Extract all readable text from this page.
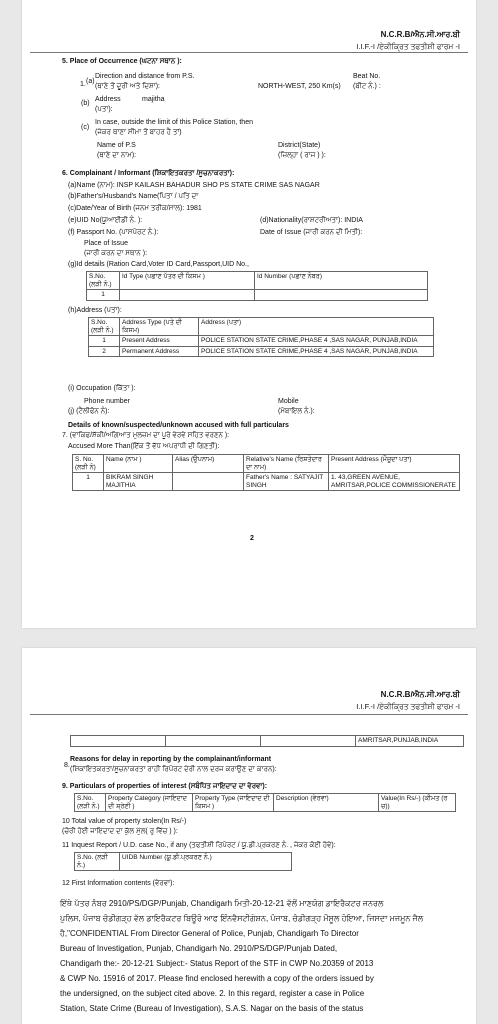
N.C.R.B/ਐਨ.ਸੀ.ਆਰ.ਬੀ
I.I.F.-I /ਏਕੀਕ੍ਰਿਤ ਤਫਤੀਸ਼ੀ ਫਾਰਮ -I
5. Place of Occurrence (ਘਟਨਾ ਸਥਾਨ ):
1. (a)
Direction and distance from P.S.
(ਥਾਣੇ ਤੋਂ ਦੂਰੀ ਅਤੇ ਦਿਸ਼ਾ):	NORTH-WEST, 250 Km(s)
Beat No.
(ਬੀਟ ਨੰ.) :
(b)
Address
(ਪਤਾ):
majitha
(c)
In case, outside the limit of this Police Station, then
(ਜੇਕਰ ਥਾਣਾ ਸੀਮਾ ਤੋਂ ਬਾਹਰ ਹੈ ਤਾਂ)
Name of P.S
(ਥਾਣੇ ਦਾ ਨਾਮ):
District(State)
(ਜ਼ਿਲ੍ਹਾ ( ਰਾਜ ) ):
6. Complainant / Informant (ਸ਼ਿਕਾਇਤਕਰਤਾ /ਸੂਚਨਾਕਰਤਾ):
(a)Name (ਨਾਮ): INSP KAILASH BAHADUR SHO PS STATE CRIME SAS NAGAR
(b)Father's/Husband's Name(ਪਿਤਾ / ਪਤਿ ਦਾ
(c)Date/Year of Birth (ਜਨਮ ਤਰੀਕ/ਸਾਲ): 1981
(e)UID No(ਯੂਆਈਡੀ ਨੰ. ):	(d)Nationality(ਰਾਸ਼ਟਰੀਅਤਾ): INDIA
(f) Passport No. (ਪਾਸਪੋਰਟ ਨੰ.):	Date of Issue (ਜਾਰੀ ਕਰਨ ਦੀ ਮਿਤੀ):
Place of Issue
(ਜਾਰੀ ਕਰਨ ਦਾ ਸਥਾਨ ):
(g)Id details (Ration Card,Voter ID Card,Passport,UID No.,
S.No. (ਲੜੀ ਨੰ.)	Id Type (ਪਛਾਣ ਪੱਤਰ ਦੀ ਕਿਸਮ )	Id Number (ਪਛਾਣ ਨੰਬਰ)
1		
(h)Address (ਪਤਾ):
S.No. (ਲੜੀ ਨੰ.)	Address Type (ਪਤੇ ਦੀ ਕਿਸਮ)	Address (ਪਤਾ)
1	Present Address	POLICE STATION STATE CRIME,PHASE 4 ,SAS NAGAR, PUNJAB,INDIA
2	Permanent Address	POLICE STATION STATE CRIME,PHASE 4 ,SAS NAGAR, PUNJAB,INDIA
(i) Occupation (ਕਿੱਤਾ ):
Phone number
(j) (ਟੈਲੀਫੋਨ ਨੰ):
Mobile
(ਮੋਬਾਇਲ ਨੰ.):
Details of known/suspected/unknown accused with full particulars
7. (ਵਾਕਿਫ/ਸ਼ੱਕੀ/ਅਗਿਆਤ ਮੁਲਜ਼ਮ ਦਾ ਪੂਰੇ ਵੇਰਵੇ ਸਹਿਤ ਵਰਣਨ ):
Accused More Than(ਇੱਕ ਤੋਂ ਵੱਧ ਅਪਰਾਧੀ ਦੀ ਗਿਣਤੀ):
S. No. (ਲੜੀ ਨੰ)	Name (ਨਾਮ )	Alias (ਉਪਨਾਮ)	Relative's Name (ਰਿਸ਼ਤੇਦਾਰ ਦਾ ਨਾਮ)	Present Address (ਮੌਜੂਦਾ ਪਤਾ)
1	BIKRAM SINGH MAJITHIA		Father's Name : SATYAJIT SINGH	1. 43,GREEN AVENUE, AMRITSAR,POLICE COMMISSIONERATE
2
N.C.R.B/ਐਨ.ਸੀ.ਆਰ.ਬੀ
I.I.F.-I /ਏਕੀਕ੍ਰਿਤ ਤਫਤੀਸ਼ੀ ਫਾਰਮ -I
			AMRITSAR,PUNJAB,INDIA
8.
Reasons for delay in reporting by the complainant/informant
(ਸ਼ਿਕਾਇਤਕਰਤਾ/ਸੂਚਨਾਕਰਤਾ ਰਾਹੀਂ ਰਿਪੋਰਟ ਦੇਰੀ ਨਾਲ ਦਰਜ ਕਰਾਉਣ ਦਾ ਕਾਰਨ):
9. Particulars of properties of interest (ਸਬੰਧਿਤ ਜਾਇਦਾਦ ਦਾ ਵੇਰਵਾ):
S.No. (ਲੜੀ ਨੰ.)	Property Category (ਜਾਇਦਾਦ ਦੀ ਸ਼੍ਰੇਣੀ )	Property Type (ਜਾਇਦਾਦ ਦੀ ਕਿਸਮ )	Description (ਵੇਰਵਾ)	Value(In Rs/-) (ਕੀਮਤ (ਰ ਚ))
10 Total value of property stolen(In Rs/-)
(ਚੋਰੀ ਹੋਈ ਜਾਇਦਾਦ ਦਾ ਕੁੱਲ ਮੁੱਲ( ਰੁ ਵਿੱਚ ) ):
11 Inquest Report / U.D. case No., if any (ਤਫਤੀਸ਼ੀ ਰਿਪੋਰਟ / ਯੂ.ਡੀ.ਪ੍ਰਕਰਣ ਨੰ. , ਜੇਕਰ ਕੋਈ ਹੋਵੇ):
S.No. (ਲੜੀ ਨੰ.)	UIDB Number (ਯੂ.ਡੀ.ਪ੍ਰਕਰਣ ਨੰ.)
12 First Information contents (ਵੇਰਵਾ):
ਇੱਥੇ ਪੱਤਰ ਨੰਬਰ 2910/PS/DGP/Punjab, Chandigarh ਮਿਤੀ-20-12-21 ਵੱਲੋਂ ਮਾਣਯੋਗ ਡਾਇਰੈਕਟਰ ਜਨਰਲ
ਪੁਲਿਸ, ਪੰਜਾਬ ਚੰਡੀਗੜ੍ਹ ਵੱਲ ਡਾਇਰੈਕਟਰ ਬਿਊਰੋ ਆਫ ਇੰਨਵੈਸਟੀਗੇਸ਼ਨ, ਪੰਜਾਬ, ਚੰਡੀਗੜ੍ਹ ਮੌਸੂਲ ਹੋਇਆ, ਜਿਸਦਾ ਮਜਮੂਨ ਜੈਲ
ਹੈ,"CONFIDENTIAL From Director General of Police, Punjab, Chandigarh To Director
Bureau of Investigation, Punjab, Chandigarh No. 2910/PS/DGP/Punjab Dated,
Chandigarh the:- 20-12-21 Subject:- Status Report of the STF in CWP No.20359 of 2013
& CWP No. 15916 of 2017. Please find enclosed herewith a copy of the orders issued by
the undersigned, on the subject cited above. 2. In this regard, register a case in Police
Station, State Crime (Bureau of Investigation), S.A.S. Nagar on the basis of the status
